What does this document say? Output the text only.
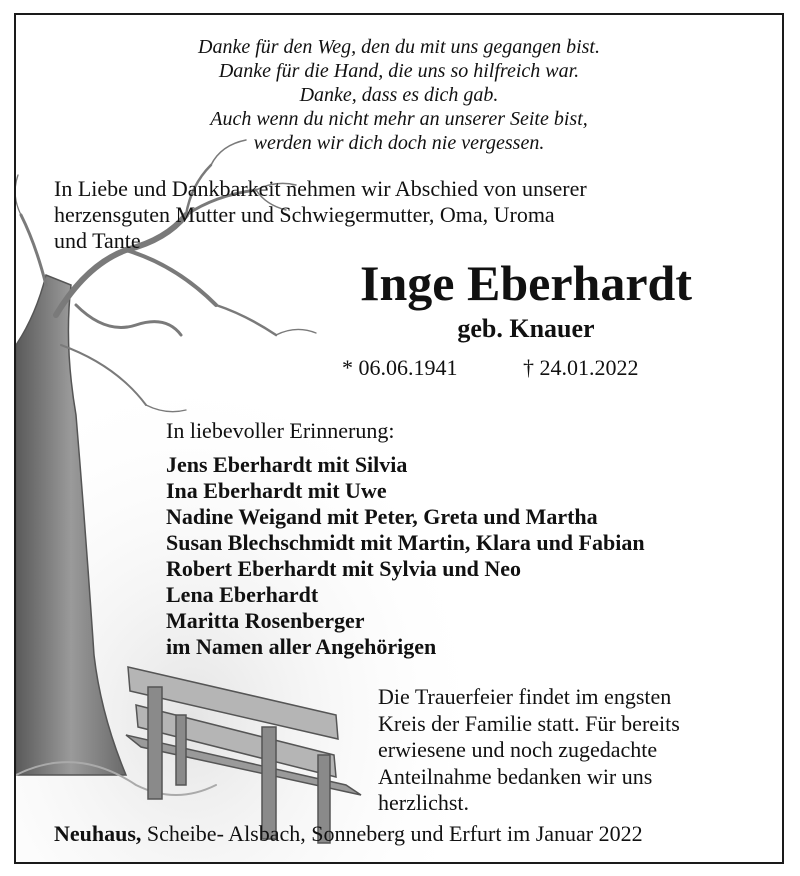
Danke für den Weg, den du mit uns gegangen bist.
Danke für die Hand, die uns so hilfreich war.
Danke, dass es dich gab.
Auch wenn du nicht mehr an unserer Seite bist,
werden wir dich doch nie vergessen.
In Liebe und Dankbarkeit nehmen wir Abschied von unserer
herzensguten Mutter und Schwiegermutter, Oma, Uroma
und Tante
Inge Eberhardt
geb. Knauer
* 06.06.1941	† 24.01.2022
In liebevoller Erinnerung:
Jens Eberhardt mit Silvia
Ina Eberhardt mit Uwe
Nadine Weigand mit Peter, Greta und Martha
Susan Blechschmidt mit Martin, Klara und Fabian
Robert Eberhardt mit Sylvia und Neo
Lena Eberhardt
Maritta Rosenberger
im Namen aller Angehörigen
Die Trauerfeier findet im engsten
Kreis der Familie statt. Für bereits
erwiesene und noch zugedachte
Anteilnahme bedanken wir uns
herzlichst.
Neuhaus, Scheibe- Alsbach, Sonneberg und Erfurt im Januar 2022
